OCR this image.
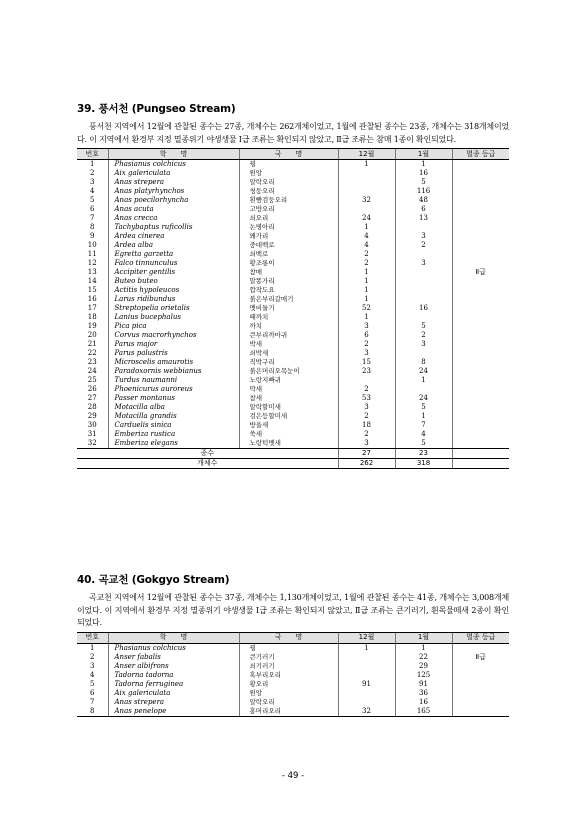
39. 풍서천 (Pungseo Stream)

풍서천 지역에서 12월에 관찰된 종수는 27종, 개체수는 262개체이었고, 1월에 관찰된 종수는 23종, 개체수는 318개체이었다. 이 지역에서 환경부 지정 멸종위기 야생생물 Ⅰ급 조류는 확인되지 않았고, Ⅱ급 조류는 참매 1종이 확인되었다.

번호	학　　명	국　　명	12월	1월	멸종 등급
1	Phasianus colchicus	꿩	1	1	
2	Aix galericulata	원앙		16	
3	Anas strepera	알락오리		5	
4	Anas platyrhynchos	청둥오리		116	
5	Anas poecilorhyncha	흰뺨검둥오리	32	48	
6	Anas acuta	고방오리		6	
7	Anas crecca	쇠오리	24	13	
8	Tachybaptus ruficollis	논병아리	1		
9	Ardea cinerea	왜가리	4	3	
10	Ardea alba	중대백로	4	2	
11	Egretta garzetta	쇠백로	2		
12	Falco tinnunculus	황조롱이	2	3	
13	Accipiter gentilis	참매	1		Ⅱ급
14	Buteo buteo	말똥가리	1		
15	Actitis hypoleucos	깝작도요	1		
16	Larus ridibundus	붉은부리갈매기	1		
17	Streptopelia orietalis	멧비둘기	52	16	
18	Lanius bucephalus	때까치	1		
19	Pica pica	까치	3	5	
20	Corvus macrorhynchos	큰부리까마귀	6	2	
21	Parus major	박새	2	3	
22	Parus palustris	쇠박새	3		
23	Microscelis amaurotis	직박구리	15	8	
24	Paradoxornis webbianus	붉은머리오목눈이	23	24	
25	Turdus naumanni	노랑지빠귀		1	
26	Phoenicurus auroreus	딱새	2		
27	Passer montanus	참새	53	24	
28	Motacilla alba	알락할미새	3	5	
29	Motacilla grandis	검은등할미새	2	1	
30	Carduelis sinica	방울새	18	7	
31	Emberiza rustica	쑥새	2	4	
32	Emberiza elegans	노랑턱멧새	3	5	
종수			27	23	
개체수			262	318	
40. 곡교천 (Gokgyo Stream)

곡교천 지역에서 12월에 관찰된 종수는 37종, 개체수는 1,130개체이었고, 1월에 관찰된 종수는 41종, 개체수는 3,008개체이었다. 이 지역에서 환경부 지정 멸종위기 야생생물 Ⅰ급 조류는 확인되지 않았고, Ⅱ급 조류는 큰기러기, 흰목물떼새 2종이 확인되었다.

번호	학　　명	국　　명	12월	1월	멸종 등급
1	Phasianus colchicus	꿩	1	1	
2	Anser fabalis	큰기러기		22	Ⅱ급
3	Anser albifrons	쇠기러기		29	
4	Tadorna tadorna	혹부리오리		125	
5	Tadorna ferruginea	황오리	91	91	
6	Aix galericulata	원앙		36	
7	Anas strepera	알락오리		16	
8	Anas penelope	홍머리오리	32	165	
- 49 -
